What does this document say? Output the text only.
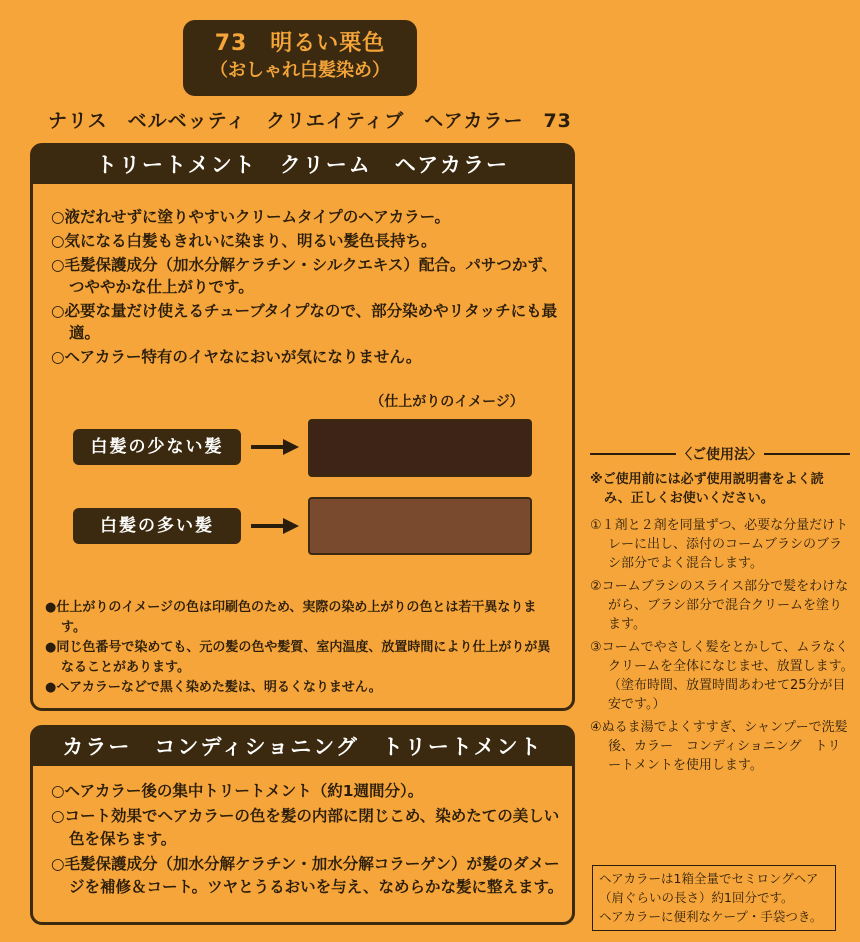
73　明るい栗色
（おしゃれ白髪染め）
ナリス　ベルベッティ　クリエイティブ　ヘアカラー　73
トリートメント　クリーム　ヘアカラー
○液だれせずに塗りやすいクリームタイプのヘアカラー。
○気になる白髪もきれいに染まり、明るい髪色長持ち。
○毛髪保護成分（加水分解ケラチン・シルクエキス）配合。パサつかず、つややかな仕上がりです。
○必要な量だけ使えるチューブタイプなので、部分染めやリタッチにも最適。
○ヘアカラー特有のイヤなにおいが気になりません。
（仕上がりのイメージ）
白髪の少ない髪
白髪の多い髪
●仕上がりのイメージの色は印刷色のため、実際の染め上がりの色とは若干異なります。
●同じ色番号で染めても、元の髪の色や髪質、室内温度、放置時間により仕上がりが異なることがあります。
●ヘアカラーなどで黒く染めた髪は、明るくなりません。
カラー　コンディショニング　トリートメント
○ヘアカラー後の集中トリートメント（約1週間分）。
○コート効果でヘアカラーの色を髪の内部に閉じこめ、染めたての美しい色を保ちます。
○毛髪保護成分（加水分解ケラチン・加水分解コラーゲン）が髪のダメージを補修＆コート。ツヤとうるおいを与え、なめらかな髪に整えます。
〈ご使用法〉
※ご使用前には必ず使用説明書をよく読み、正しくお使いください。
①１剤と２剤を同量ずつ、必要な分量だけトレーに出し、添付のコームブラシのブラシ部分でよく混合します。
②コームブラシのスライス部分で髪をわけながら、ブラシ部分で混合クリームを塗ります。
③コームでやさしく髪をとかして、ムラなくクリームを全体になじませ、放置します。　（塗布時間、放置時間あわせて25分が目安です。）
④ぬるま湯でよくすすぎ、シャンプーで洗髪後、カラー　コンディショニング　トリートメントを使用します。
ヘアカラーは1箱全量でセミロングヘア（肩ぐらいの長さ）約1回分です。
ヘアカラーに便利なケープ・手袋つき。
